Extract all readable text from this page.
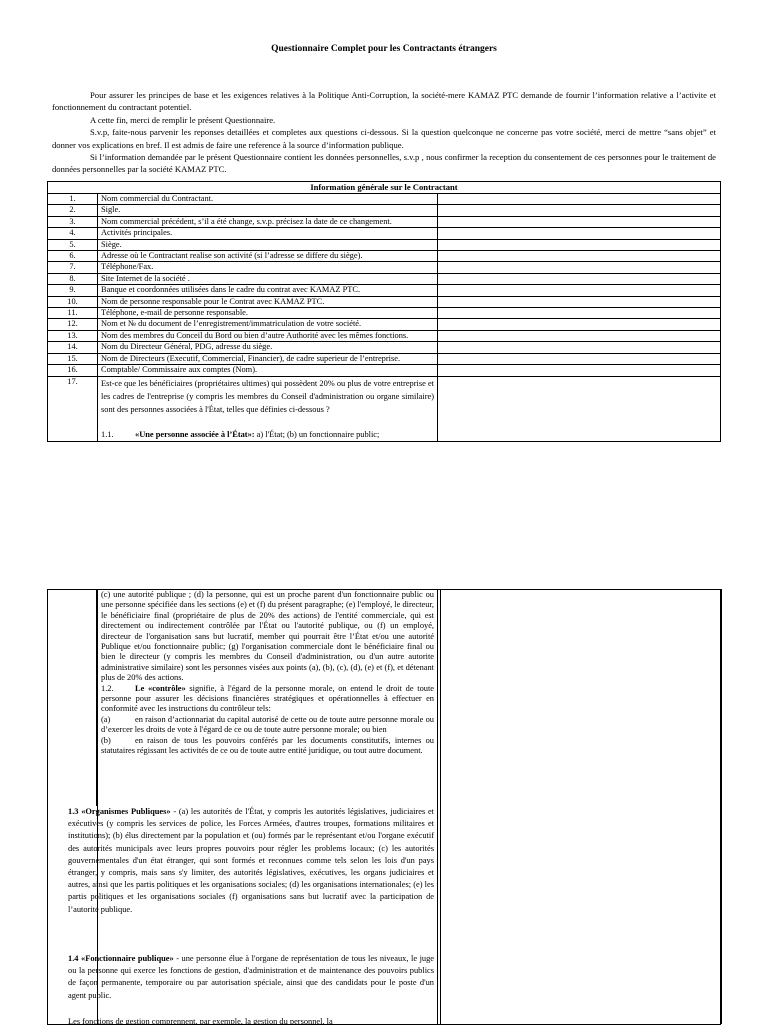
Questionnaire Complet pour les Contractants étrangers

Pour assurer les principes de base et les exigences relatives à la Politique Anti-Corruption, la société-mere KAMAZ PTC demande de fournir l’information relative a l’activite et fonctionnement du contractant potentiel.

A cette fin, merci de remplir le présent Questionnaire.

S.v.p, faite-nous parvenir les reponses detaillées et completes aux questions ci-dessous. Si la question quelconque ne concerne pas votre société, merci de mettre “sans objet” et donner vos explications en bref. Il est admis de faire une reference à la source d’information publique.

Si l’information demandée par le présent Questionnaire contient les données personnelles, s.v.p , nous confirmer la reception du consentement de ces personnes pour le traitement de données personnelles par la société KAMAZ PTC.

Information générale sur le Contractant		
1.	Nom commercial du Contractant.	
2.	Sigle.	
3.	Nom commercial précédent, s’il a été change, s.v.p. précisez la date de ce changement.	
4.	Activités principales.	
5.	Siège.	
6.	Adresse où le Contractant realise son activité (si l’adresse se differe du siège).	
7.	Téléphone/Fax.	
8.	Site Internet de la société .	
9.	Banque et coordonnées utilisées dans le cadre du contrat avec KAMAZ PTC.	
10.	Nom de personne responsable pour le Contrat avec KAMAZ PTC.	
11.	Téléphone, e-mail de personne responsable.	
12.	Nom et № du document de l’enregistrement/immatriculation de votre société.	
13.	Nom des membres du Conceil du Bord ou bien d’autre Authorité avec les mêmes fonctions.	
14.	Nom du Directeur Général, PDG, adresse du siège.	
15.	Nom de Directeurs (Executif, Commercial, Financier), de cadre superieur de l’entreprise.	
16.	Comptable/ Commissaire aux comptes (Nom).	
17.	Est-ce que les bénéficiaires (propriétaires ultimes) qui possèdent 20% ou plus de votre entreprise et les cadres de l'entreprise (y compris les membres du Conseil d'administration ou organe similaire) sont des personnes associées à l'État, telles que définies ci-dessous ?
1.1. «Une personne associée à l’État»: a) l'État; (b) un fonctionnaire public;	

(c) une autorité publique ; (d) la personne, qui est un proche parent d'un fonctionnaire public ou une personne spécifiée dans les sections (e) et (f) du présent paragraphe; (e) l'employé, le directeur, le bénéficiaire final (propriétaire de plus de 20% des actions) de l'entité commerciale, qui est directement ou indirectement contrôlée par l'État ou l'autorité publique, ou (f) un employé, directeur de l'organisation sans but lucratif, member qui pourrait être l’État et/ou une autorité Publique et/ou fonctionnaire public; (g) l'organisation commerciale dont le bénéficiaire final ou bien le directeur (y compris les membres du Conseil d'administration, ou d'un autre autorite administrative similaire) sont les personnes visées aux points (a), (b), (c), (d), (e) et (f), et détenant plus de 20% des actions.
1.2.	Le «contrôle» signifie, à l'égard de la personne morale, on entend le droit de toute personne pour assurer les décisions financières stratégiques et opérationnelles à effectuer en conformité avec les instructions du contrôleur tels:
(a)	en raison d’actionnariat du capital autorisé de cette ou de toute autre personne morale ou d’exercer les droits de vote à l'égard de ce ou de toute autre personne morale; ou bien
(b)	en raison de tous les pouvoirs conférés par les documents constitutifs, internes ou statutaires régissant les activités de ce ou de toute autre entité juridique, ou tout autre document.

1.3 «Organismes Publiques» - (a) les autorités de l'État, y compris les autorités législatives, judiciaires et exécutives (y compris les services de police, les Forces Armées, d'autres troupes, formations militaires et institutions); (b) élus directement par la population et (ou) formés par le représentant et/ou l'organe exécutif des autorités municipals avec leurs propres pouvoirs pour régler les problems locaux; (c) les autorités gouvernementales d'un état étranger, qui sont formés et reconnues comme tels selon les lois d'un pays étranger, y compris, mais sans s'y limiter, des autorités législatives, exécutives, les organs judiciaires et autres, ainsi que les partis politiques et les organisations sociales; (d) les organisations internationales; (e) les partis politiques et les organisations sociales (f) organisations sans but lucratif avec la participation de l’autorité publique.
1.4 «Fonctionnaire publique» - une personne élue à l'organe de représentation de tous les niveaux, le juge ou la personne qui exerce les fonctions de gestion, d'administration et de maintenance des pouvoirs publics de façon permanente, temporaire ou par autorisation spéciale, ainsi que des candidats pour le poste d'un agent public.
Les fonctions de gestion comprennent, par exemple, la gestion du personnel, la
